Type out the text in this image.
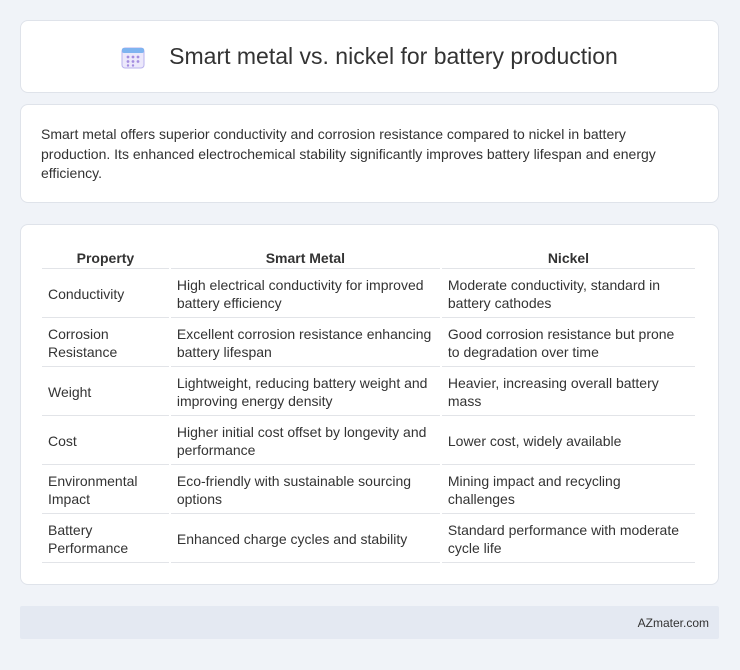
Smart metal vs. nickel for battery production

Smart metal offers superior conductivity and corrosion resistance compared to nickel in battery production. Its enhanced electrochemical stability significantly improves battery lifespan and energy efficiency.

Property	Smart Metal	Nickel
Conductivity	High electrical conductivity for improved battery efficiency	Moderate conductivity, standard in battery cathodes
Corrosion Resistance	Excellent corrosion resistance enhancing battery lifespan	Good corrosion resistance but prone to degradation over time
Weight	Lightweight, reducing battery weight and improving energy density	Heavier, increasing overall battery mass
Cost	Higher initial cost offset by longevity and performance	Lower cost, widely available
Environmental Impact	Eco-friendly with sustainable sourcing options	Mining impact and recycling challenges
Battery Performance	Enhanced charge cycles and stability	Standard performance with moderate cycle life
AZmater.com
